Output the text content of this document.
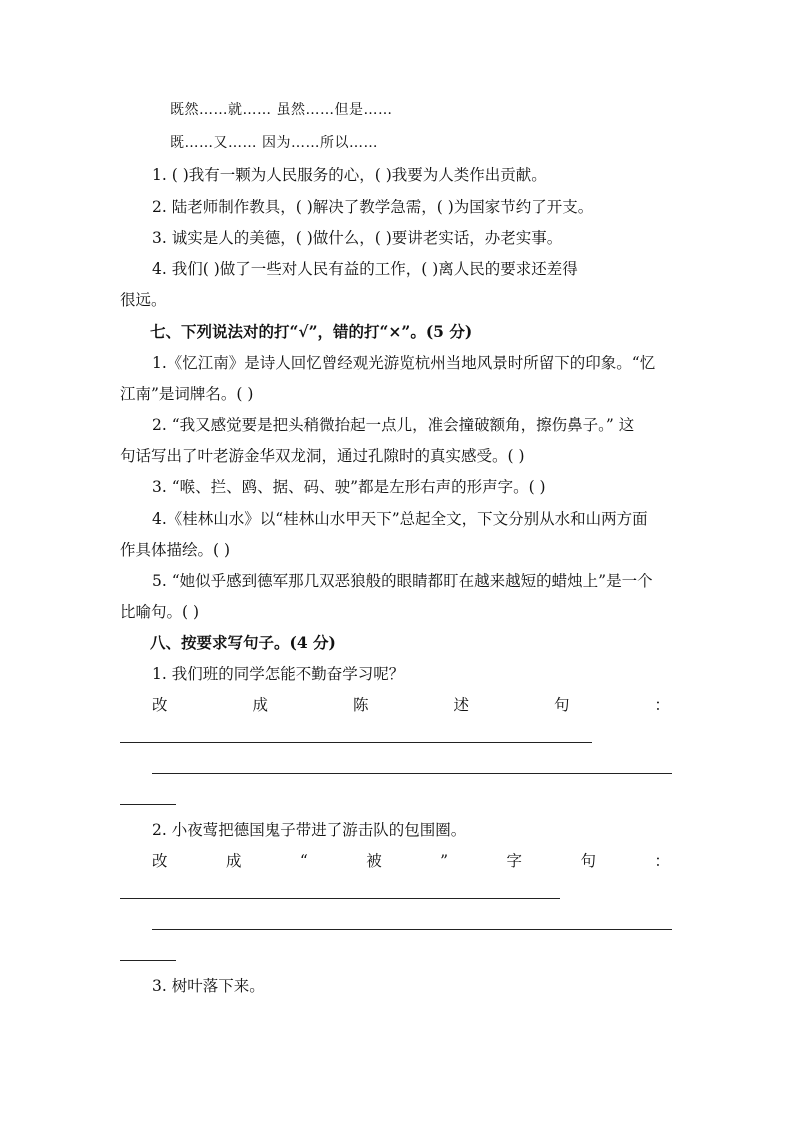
既然……就…… 虽然……但是……
既……又…… 因为……所以……
1. ( )我有一颗为人民服务的心，( )我要为人类作出贡献。
2. 陆老师制作教具，( )解决了教学急需，( )为国家节约了开支。
3. 诚实是人的美德，( )做什么，( )要讲老实话，办老实事。
4. 我们( )做了一些对人民有益的工作，( )离人民的要求还差得
很远。
七、下列说法对的打“√”，错的打“×”。(5 分)
1.《忆江南》是诗人回忆曾经观光游览杭州当地风景时所留下的印象。“忆
江南”是词牌名。( )
2. “我又感觉要是把头稍微抬起一点儿，准会撞破额角，擦伤鼻子。” 这
句话写出了叶老游金华双龙洞，通过孔隙时的真实感受。( )
3. “喉、拦、鸥、据、码、驶”都是左形右声的形声字。( )
4.《桂林山水》以“桂林山水甲天下”总起全文，下文分别从水和山两方面
作具体描绘。( )
5. “她似乎感到德军那几双恶狼般的眼睛都盯在越来越短的蜡烛上”是一个
比喻句。( )
八、按要求写句子。(4 分)
1. 我们班的同学怎能不勤奋学习呢？
改	成	陈	述	句	：
2. 小夜莺把德国鬼子带进了游击队的包围圈。
改	成	“	被	”	字	句	：
3. 树叶落下来。
